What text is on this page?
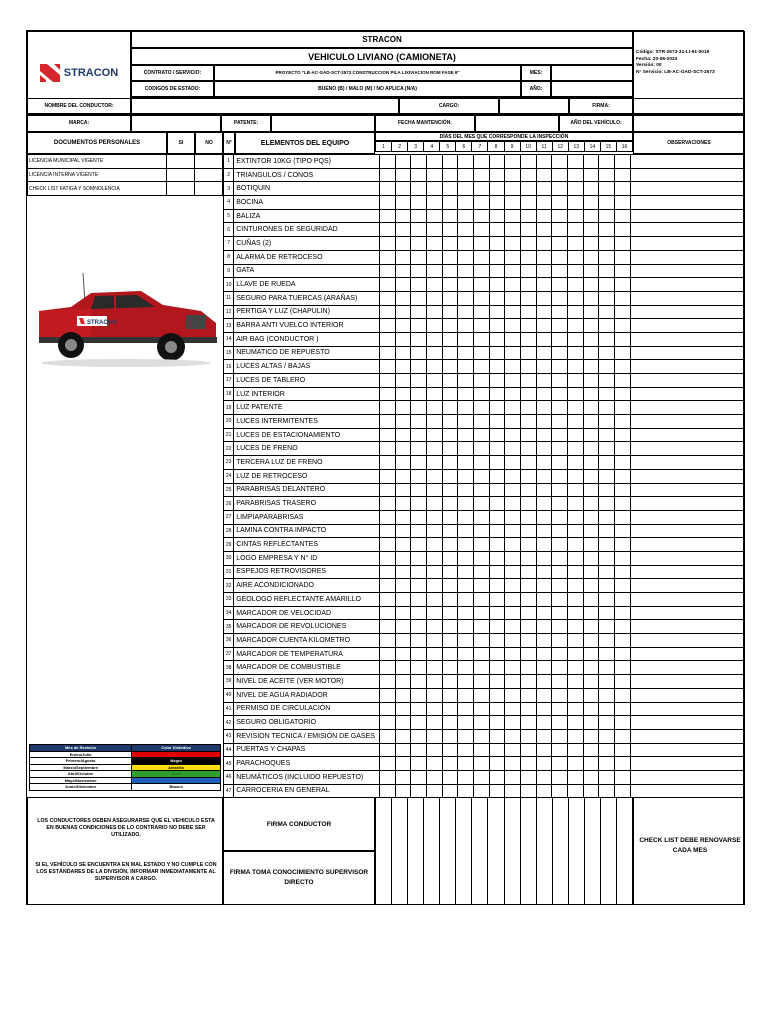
STRACON
STRACON
VEHICULO LIVIANO (CAMIONETA)
CONTRATO / SERVICIO:	PROYECTO "LB-AC-GAD-SCT-2573 CONSTRUCCION PILA LIXIVIACION ROM FASE 9"	MES:
CODIGOS DE ESTADO:	BUENO (B) / MALO (M) / NO APLICA (N/A)	AÑO:
Código: STR-2573-31-LI-91-0019
Fecha: 20-06-2024
Versión: 00
N° Servicio: LB-AC-GAD-SCT-2573
NOMBRE DEL CONDUCTOR:	CARGO:	FIRMA:
MARCA:	PATENTE:	FECHA MANTENCIÓN:	AÑO DEL VEHÍCULO:
DOCUMENTOS PERSONALES	SI	NO	N°	ELEMENTOS DEL EQUIPO
DÍAS DEL MES QUE CORRESPONDE LA INSPECCIÓN
OBSERVACIONES
1	2	3	4	5	6	7	8	9	10	11	12	13	14	15	16
LICENCIA MUNICIPAL VIGENTE		
LICENCIA INTERNA VIGENTE		
CHECK LIST FATIGA Y SOMNOLENCIA		
STRACON
Mes de Revisión	Color Distintivo
Enero/Julio	Rojo
Febrero/Agosto	Negro
Marzo/Septiembre	Amarillo
Abril/Octubre	Verde
Mayo/Noviembre	Azul
Junio/Diciembre	Blanco
1	EXTINTOR 10KG (TIPO PQS)																	
2	TRIANGULOS / CONOS																	
3	BOTIQUIN																	
4	BOCINA																	
5	BALIZA																	
6	CINTURONES DE SEGURIDAD																	
7	CUÑAS (2)																	
8	ALARMA DE RETROCESO																	
9	GATA																	
10	LLAVE DE RUEDA																	
11	SEGURO PARA TUERCAS (ARAÑAS)																	
12	PERTIGA Y LUZ (CHAPULIN)																	
13	BARRA ANTI VUELCO INTERIOR																	
14	AIR BAG (CONDUCTOR )																	
15	NEUMATICO DE REPUESTO																	
16	LUCES ALTAS / BAJAS																	
17	LUCES DE TABLERO																	
18	LUZ INTERIOR																	
19	LUZ PATENTE																	
20	LUCES INTERMITENTES																	
21	LUCES DE ESTACIONAMIENTO																	
22	LUCES DE FRENO																	
23	TERCERA LUZ DE FRENO																	
24	LUZ DE RETROCESO																	
25	PARABRISAS DELANTERO																	
26	PARABRISAS TRASERO																	
27	LIMPIAPARABRISAS																	
28	LAMINA CONTRA IMPACTO																	
29	CINTAS REFLECTANTES																	
30	LOGO EMPRESA Y N° ID																	
31	ESPEJOS RETROVISORES																	
32	AIRE ACONDICIONADO																	
33	GEOLOGO REFLECTANTE AMARILLO																	
34	MARCADOR DE VELOCIDAD																	
35	MARCADOR DE REVOLUCIONES																	
36	MARCADOR CUENTA KILOMETRO																	
37	MARCADOR DE TEMPERATURA																	
38	MARCADOR DE COMBUSTIBLE																	
39	NIVEL DE ACEITE (VER MOTOR)																	
40	NIVEL DE AGUA RADIADOR																	
41	PERMISO DE CIRCULACIÓN																	
42	SEGURO OBLIGATORIO																	
43	REVISION TECNICA / EMISIÓN DE GASES																	
44	PUERTAS Y CHAPAS																	
45	PARACHOQUES																	
46	NEUMÁTICOS (INCLUIDO REPUESTO)																	
47	CARROCERIA EN GENERAL																	
LOS CONDUCTORES DEBEN ASEGURARSE QUE EL VEHICULO ESTA EN BUENAS CONDICIONES DE LO CONTRARIO NO DEBE SER UTILIZADO.
SI EL VEHÍCULO SE ENCUENTRA EN MAL ESTADO Y NO CUMPLE CON LOS ESTÁNDARES DE LA DIVISIÓN, INFORMAR INMEDIATAMENTE AL SUPERVISOR A CARGO.
FIRMA CONDUCTOR
FIRMA TOMA CONOCIMIENTO SUPERVISOR DIRECTO

CHECK LIST DEBE RENOVARSE CADA MES
